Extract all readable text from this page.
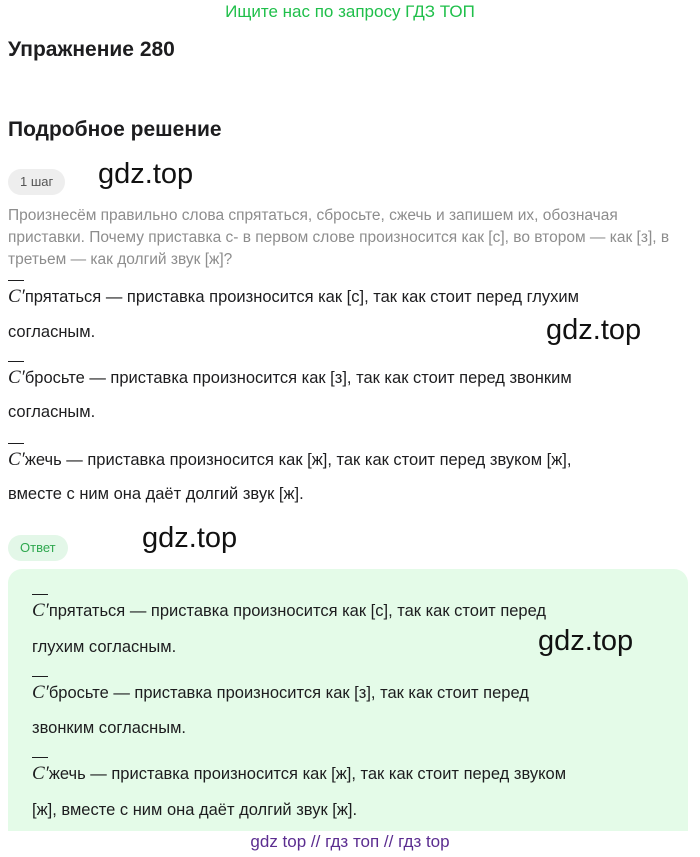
Ищите нас по запросу ГДЗ ТОП
Упражнение 280
Подробное решение
1 шаг	gdz.top
Произнесём правильно слова спрятаться, сбросьте, сжечь и запишем их, обозначая приставки. Почему приставка с- в первом слове произносится как [с], во втором — как [з], в третьем — как долгий звук [ж]?
С′прятаться — приставка произносится как [с], так как стоит перед глухим
согласным.	gdz.top
С′бросьте — приставка произносится как [з], так как стоит перед звонким
согласным.
С′жечь — приставка произносится как [ж], так как стоит перед звуком [ж],
вместе с ним она даёт долгий звук [ж].
Ответ	gdz.top
С′прятаться — приставка произносится как [с], так как стоит перед
глухим согласным.	gdz.top
С′бросьте — приставка произносится как [з], так как стоит перед
звонким согласным.
С′жечь — приставка произносится как [ж], так как стоит перед звуком
[ж], вместе с ним она даёт долгий звук [ж].
gdz top // гдз топ // гдз top
